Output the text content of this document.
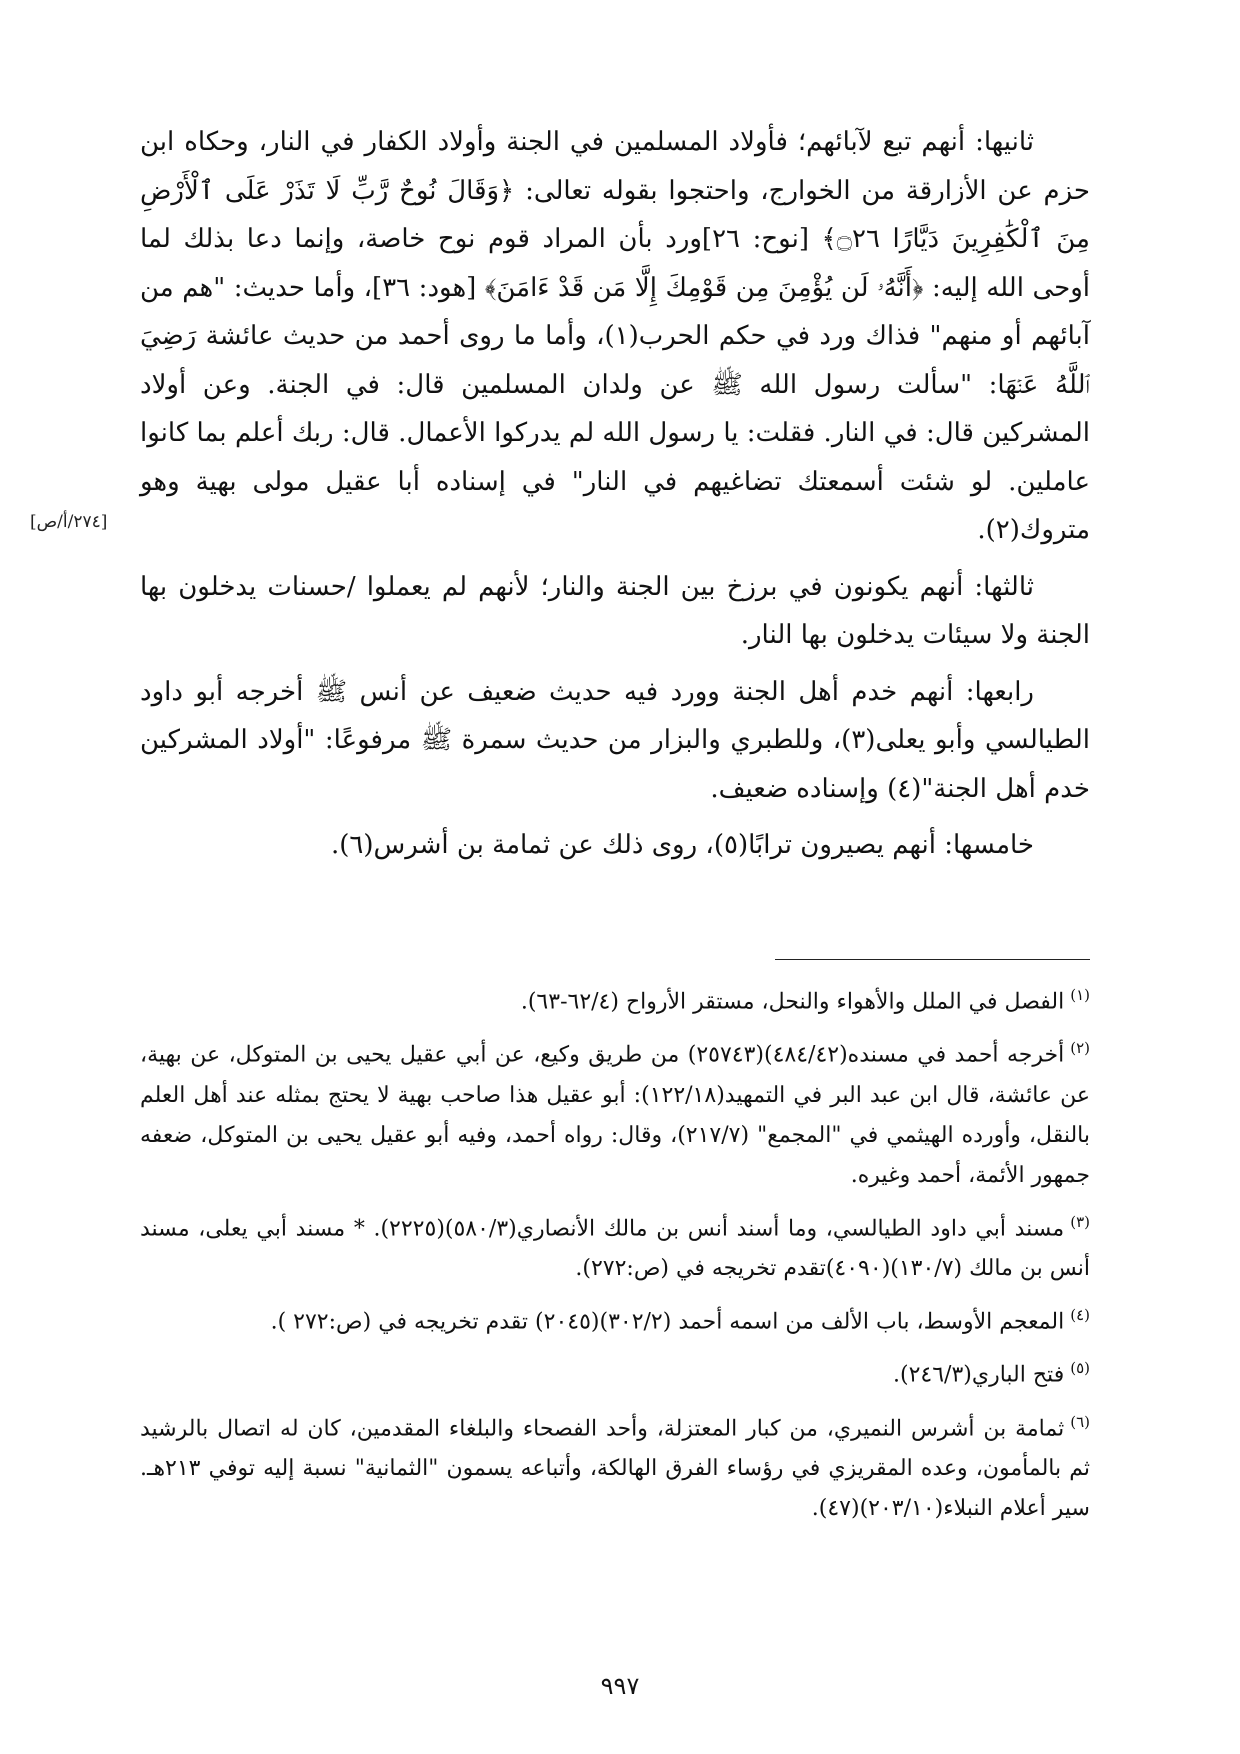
[٢٧٤/أ/ص]

ثانيها: أنهم تبع لآبائهم؛ فأولاد المسلمين في الجنة وأولاد الكفار في النار، وحكاه ابن حزم عن الأزارقة من الخوارج، واحتجوا بقوله تعالى: ﴿وَقَالَ نُوحٌ رَّبِّ لَا تَذَرْ عَلَى ٱلْأَرْضِ مِنَ ٱلْكَٰفِرِينَ دَيَّارًا ۝٢٦﴾ [نوح: ٢٦]ورد بأن المراد قوم نوح خاصة، وإنما دعا بذلك لما أوحى الله إليه: ﴿أَنَّهُۥ لَن يُؤْمِنَ مِن قَوْمِكَ إِلَّا مَن قَدْ ءَامَنَ﴾ [هود: ٣٦]، وأما حديث: "هم من آبائهم أو منهم" فذاك ورد في حكم الحرب(١)، وأما ما روى أحمد من حديث عائشة رَضِيَ ٱللَّهُ عَنۡهَا: "سألت رسول الله ﷺ عن ولدان المسلمين قال: في الجنة. وعن أولاد المشركين قال: في النار. فقلت: يا رسول الله لم يدركوا الأعمال. قال: ربك أعلم بما كانوا عاملين. لو شئت أسمعتك تضاغيهم في النار" في إسناده أبا عقيل مولى بهية وهو متروك(٢).

ثالثها: أنهم يكونون في برزخ بين الجنة والنار؛ لأنهم لم يعملوا /حسنات يدخلون بها الجنة ولا سيئات يدخلون بها النار.

رابعها: أنهم خدم أهل الجنة وورد فيه حديث ضعيف عن أنس ﷺ أخرجه أبو داود الطيالسي وأبو يعلى(٣)، وللطبري والبزار من حديث سمرة ﷺ مرفوعًا: "أولاد المشركين خدم أهل الجنة"(٤) وإسناده ضعيف.

خامسها: أنهم يصيرون ترابًا(٥)، روى ذلك عن ثمامة بن أشرس(٦).

$^{(١)}$الفصل في الملل والأهواء والنحل، مستقر الأرواح (٦٢/٤-٦٣).

$^{(٢)}$أخرجه أحمد في مسنده(٤٨٤/٤٢)(٢٥٧٤٣) من طريق وكيع، عن أبي عقيل يحيى بن المتوكل، عن بهية، عن عائشة، قال ابن عبد البر في التمهيد(١٢٢/١٨): أبو عقيل هذا صاحب بهية لا يحتج بمثله عند أهل العلم بالنقل، وأورده الهيثمي في "المجمع" (٢١٧/٧)، وقال: رواه أحمد، وفيه أبو عقيل يحيى بن المتوكل، ضعفه جمهور الأئمة، أحمد وغيره.

$^{(٣)}$مسند أبي داود الطيالسي، وما أسند أنس بن مالك الأنصاري(٥٨٠/٣)(٢٢٢٥). * مسند أبي يعلى، مسند أنس بن مالك (١٣٠/٧)(٤٠٩٠)تقدم تخريجه في (ص:٢٧٢).

$^{(٤)}$المعجم الأوسط، باب الألف من اسمه أحمد (٣٠٢/٢)(٢٠٤٥) تقدم تخريجه في (ص:٢٧٢ ).

$^{(٥)}$فتح الباري(٢٤٦/٣).

$^{(٦)}$ثمامة بن أشرس النميري، من كبار المعتزلة، وأحد الفصحاء والبلغاء المقدمين، كان له اتصال بالرشيد ثم بالمأمون، وعده المقريزي في رؤساء الفرق الهالكة، وأتباعه يسمون "الثمانية" نسبة إليه توفي ٢١٣هـ. سير أعلام النبلاء(٢٠٣/١٠)(٤٧).

٩٩٧
